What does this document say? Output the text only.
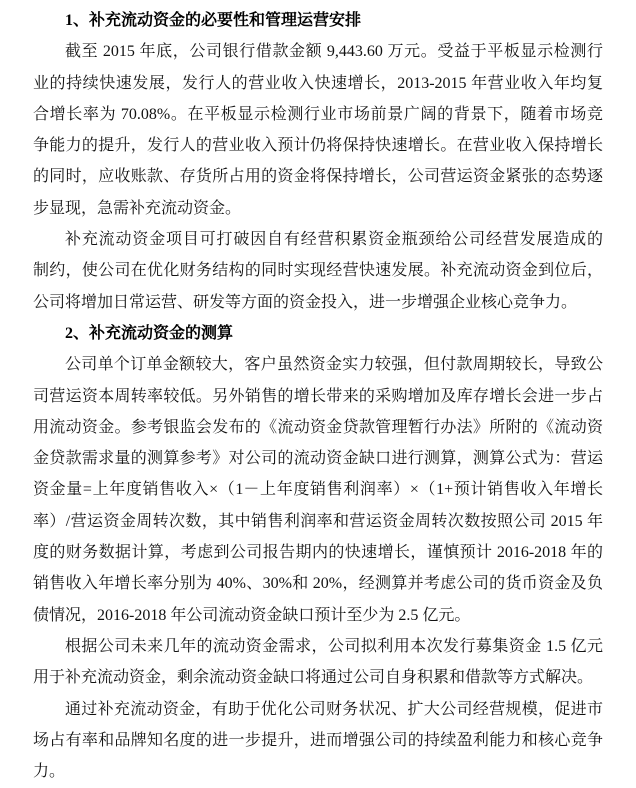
1、补充流动资金的必要性和管理运营安排
截至 2015 年底，公司银行借款金额 9,443.60 万元。受益于平板显示检测行
业的持续快速发展，发行人的营业收入快速增长，2013-2015 年营业收入年均复
合增长率为 70.08%。在平板显示检测行业市场前景广阔的背景下，随着市场竞
争能力的提升，发行人的营业收入预计仍将保持快速增长。在营业收入保持增长
的同时，应收账款、存货所占用的资金将保持增长，公司营运资金紧张的态势逐
步显现，急需补充流动资金。
补充流动资金项目可打破因自有经营积累资金瓶颈给公司经营发展造成的
制约，使公司在优化财务结构的同时实现经营快速发展。补充流动资金到位后，
公司将增加日常运营、研发等方面的资金投入，进一步增强企业核心竞争力。
2、补充流动资金的测算
公司单个订单金额较大，客户虽然资金实力较强，但付款周期较长，导致公
司营运资本周转率较低。另外销售的增长带来的采购增加及库存增长会进一步占
用流动资金。参考银监会发布的《流动资金贷款管理暂行办法》所附的《流动资
金贷款需求量的测算参考》对公司的流动资金缺口进行测算，测算公式为：营运
资金量=上年度销售收入×（1－上年度销售利润率）×（1+预计销售收入年增长
率）/营运资金周转次数，其中销售利润率和营运资金周转次数按照公司 2015 年
度的财务数据计算，考虑到公司报告期内的快速增长，谨慎预计 2016-2018 年的
销售收入年增长率分别为 40%、30%和 20%，经测算并考虑公司的货币资金及负
债情况，2016-2018 年公司流动资金缺口预计至少为 2.5 亿元。
根据公司未来几年的流动资金需求，公司拟利用本次发行募集资金 1.5 亿元
用于补充流动资金，剩余流动资金缺口将通过公司自身积累和借款等方式解决。
通过补充流动资金，有助于优化公司财务状况、扩大公司经营规模，促进市
场占有率和品牌知名度的进一步提升，进而增强公司的持续盈利能力和核心竞争
力。
